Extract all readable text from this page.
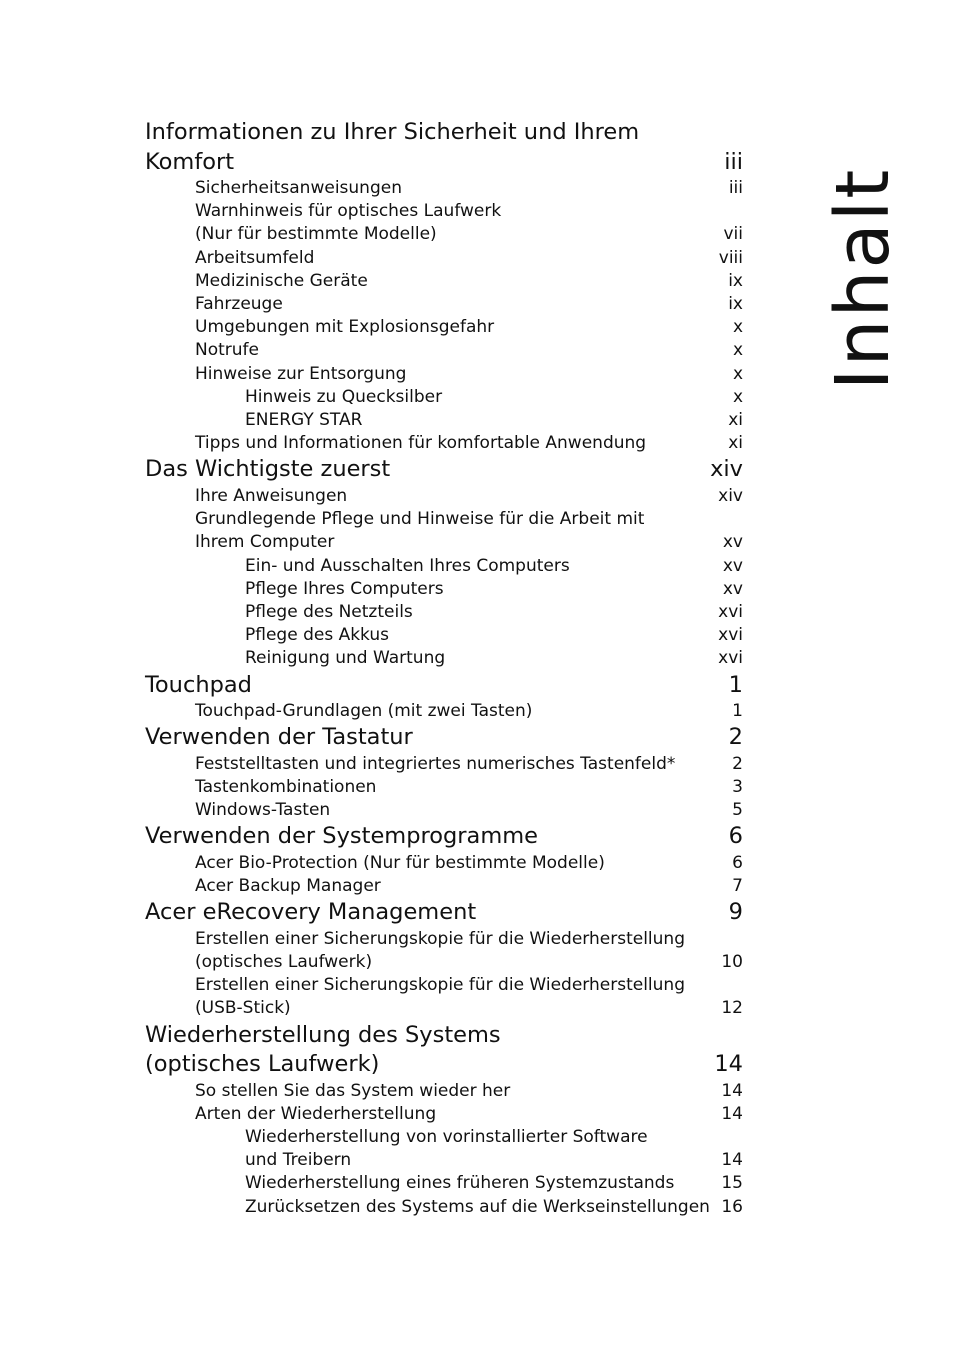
Inhalt
Informationen zu Ihrer Sicherheit und Ihrem
Komfort	iii
Sicherheitsanweisungen	iii
Warnhinweis für optisches Laufwerk
(Nur für bestimmte Modelle)	vii
Arbeitsumfeld	viii
Medizinische Geräte	ix
Fahrzeuge	ix
Umgebungen mit Explosionsgefahr	x
Notrufe	x
Hinweise zur Entsorgung	x
Hinweis zu Quecksilber	x
ENERGY STAR	xi
Tipps und Informationen für komfortable Anwendung	xi
Das Wichtigste zuerst	xiv
Ihre Anweisungen	xiv
Grundlegende Pflege und Hinweise für die Arbeit mit
Ihrem Computer	xv
Ein- und Ausschalten Ihres Computers	xv
Pflege Ihres Computers	xv
Pflege des Netzteils	xvi
Pflege des Akkus	xvi
Reinigung und Wartung	xvi
Touchpad	1
Touchpad-Grundlagen (mit zwei Tasten)	1
Verwenden der Tastatur	2
Feststelltasten und integriertes numerisches Tastenfeld*	2
Tastenkombinationen	3
Windows-Tasten	5
Verwenden der Systemprogramme	6
Acer Bio-Protection (Nur für bestimmte Modelle)	6
Acer Backup Manager	7
Acer eRecovery Management	9
Erstellen einer Sicherungskopie für die Wiederherstellung
(optisches Laufwerk)	10
Erstellen einer Sicherungskopie für die Wiederherstellung
(USB-Stick)	12
Wiederherstellung des Systems
(optisches Laufwerk)	14
So stellen Sie das System wieder her	14
Arten der Wiederherstellung	14
Wiederherstellung von vorinstallierter Software
und Treibern	14
Wiederherstellung eines früheren Systemzustands	15
Zurücksetzen des Systems auf die Werkseinstellungen 16
